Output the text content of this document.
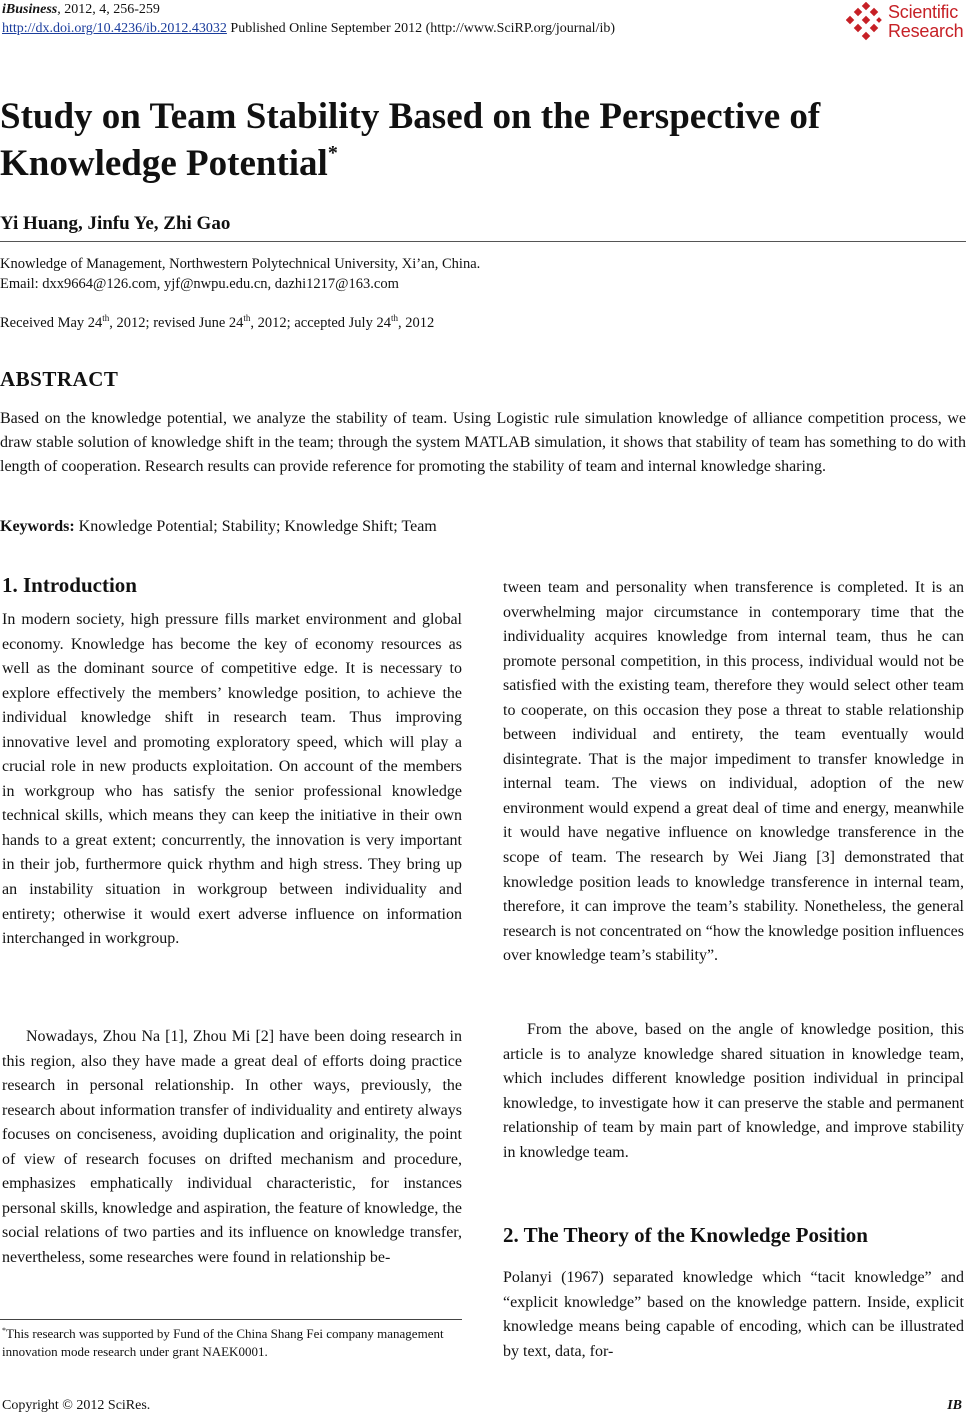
iBusiness, 2012, 4, 256-259
http://dx.doi.org/10.4236/ib.2012.43032 Published Online September 2012 (http://www.SciRP.org/journal/ib)
Scientific
Research
Study on Team Stability Based on the Perspective of Knowledge Potential*
Yi Huang, Jinfu Ye, Zhi Gao
Knowledge of Management, Northwestern Polytechnical University, Xi’an, China.
Email: dxx9664@126.com, yjf@nwpu.edu.cn, dazhi1217@163.com
Received May 24th, 2012; revised June 24th, 2012; accepted July 24th, 2012
ABSTRACT

Based on the knowledge potential, we analyze the stability of team. Using Logistic rule simulation knowledge of alliance competition process, we draw stable solution of knowledge shift in the team; through the system MATLAB simulation, it shows that stability of team has something to do with length of cooperation. Research results can provide reference for promoting the stability of team and internal knowledge sharing.

Keywords: Knowledge Potential; Stability; Knowledge Shift; Team
1. Introduction

In modern society, high pressure fills market environment and global economy. Knowledge has become the key of economy resources as well as the dominant source of competitive edge. It is necessary to explore effectively the members’ knowledge position, to achieve the individual knowledge shift in research team. Thus improving innovative level and promoting exploratory speed, which will play a crucial role in new products exploitation. On account of the members in workgroup who has satisfy the senior professional knowledge technical skills, which means they can keep the initiative in their own hands to a great extent; concurrently, the innovation is very important in their job, furthermore quick rhythm and high stress. They bring up an instability situation in workgroup between individuality and entirety; otherwise it would exert adverse influence on information interchanged in workgroup.

Nowadays, Zhou Na [1], Zhou Mi [2] have been doing research in this region, also they have made a great deal of efforts doing practice research in personal relationship. In other ways, previously, the research about information transfer of individuality and entirety always focuses on conciseness, avoiding duplication and originality, the point of view of research focuses on drifted mechanism and procedure, emphasizes emphatically individual characteristic, for instances personal skills, knowledge and aspiration, the feature of knowledge, the social relations of two parties and its influence on knowledge transfer, nevertheless, some researches were found in relationship be-

*This research was supported by Fund of the China Shang Fei company management innovation mode research under grant NAEK0001.

tween team and personality when transference is completed. It is an overwhelming major circumstance in contemporary time that the individuality acquires knowledge from internal team, thus he can promote personal competition, in this process, individual would not be satisfied with the existing team, therefore they would select other team to cooperate, on this occasion they pose a threat to stable relationship between individual and entirety, the team eventually would disintegrate. That is the major impediment to transfer knowledge in internal team. The views on individual, adoption of the new environment would expend a great deal of time and energy, meanwhile it would have negative influence on knowledge transference in the scope of team. The research by Wei Jiang [3] demonstrated that knowledge position leads to knowledge transference in internal team, therefore, it can improve the team’s stability. Nonetheless, the general research is not concentrated on “how the knowledge position influences over knowledge team’s stability”.

From the above, based on the angle of knowledge position, this article is to analyze knowledge shared situation in knowledge team, which includes different knowledge position individual in principal knowledge, to investigate how it can preserve the stable and permanent relationship of team by main part of knowledge, and improve stability in knowledge team.

2. The Theory of the Knowledge Position

Polanyi (1967) separated knowledge which “tacit knowledge” and “explicit knowledge” based on the knowledge pattern. Inside, explicit knowledge means being capable of encoding, which can be illustrated by text, data, for-

Copyright © 2012 SciRes.	IB
